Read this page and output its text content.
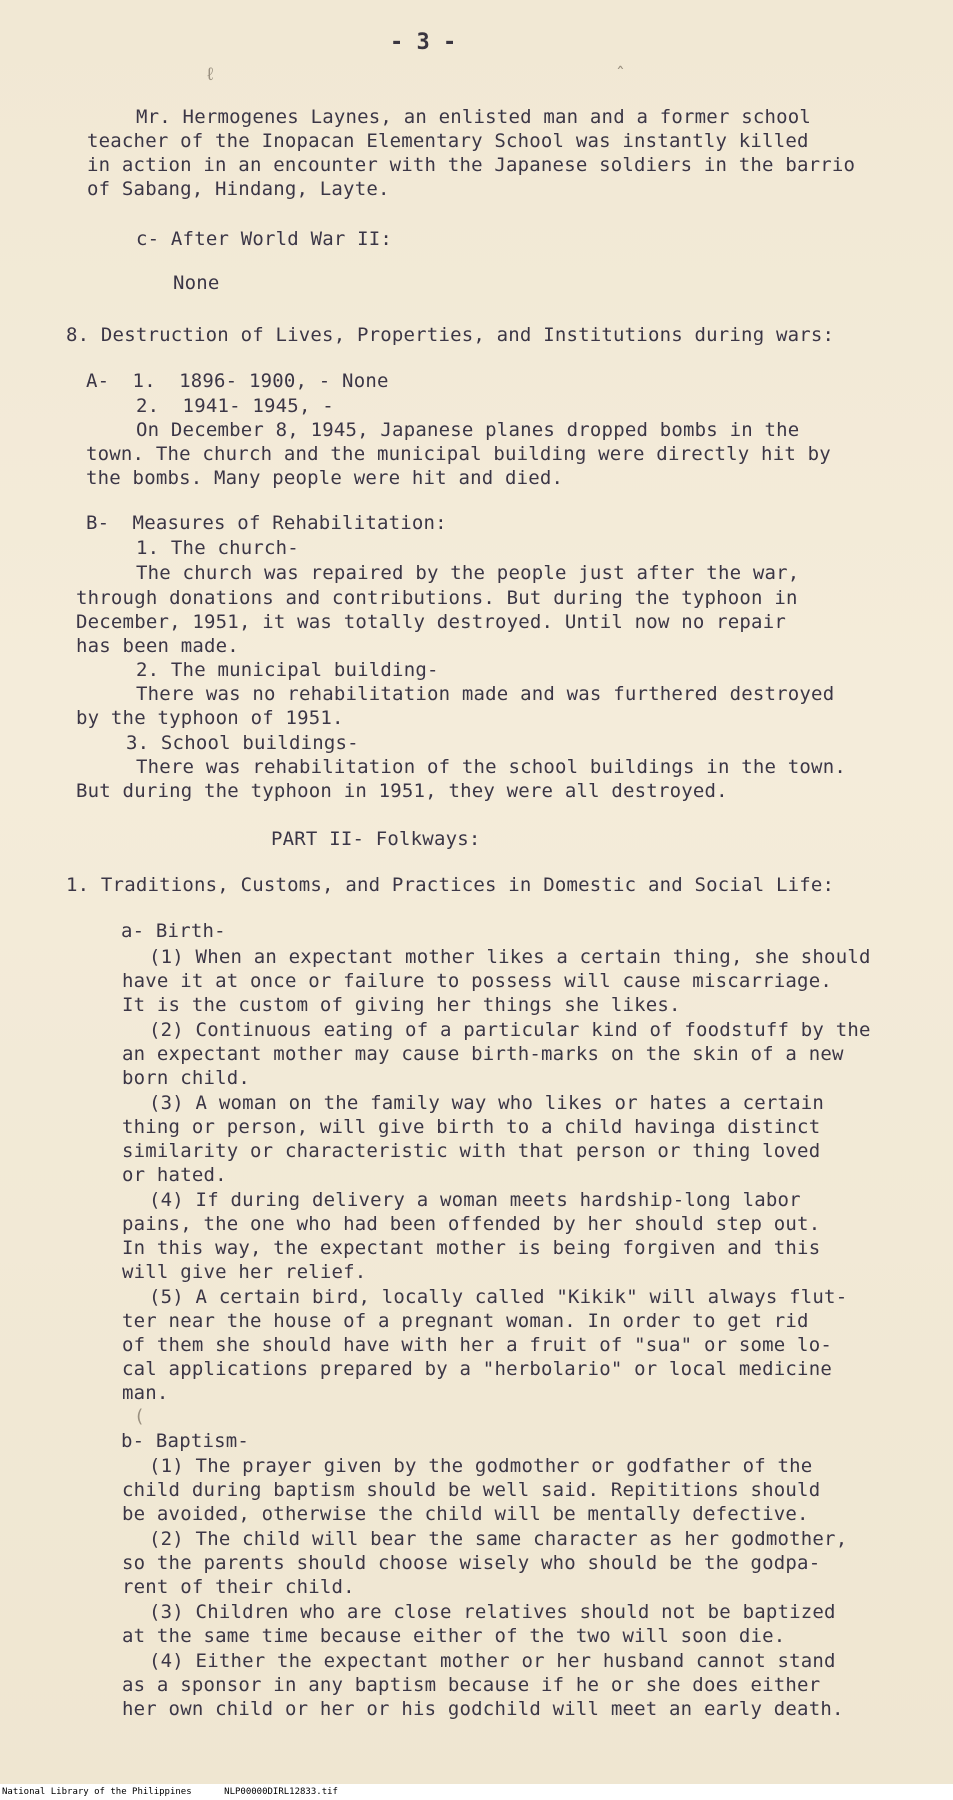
- 3 -
ℓ	ˆ
Mr. Hermogenes Laynes, an enlisted man and a former school
teacher of the Inopacan Elementary School was instantly killed
in action in an encounter with the Japanese soldiers in the barrio
of Sabang, Hindang, Layte.
c- After World War II:
None
8. Destruction of Lives, Properties, and Institutions during wars:
A-  1.  1896- 1900, - None
2.  1941- 1945, -
On December 8, 1945, Japanese planes dropped bombs in the
town. The church and the municipal building were directly hit by
the bombs. Many people were hit and died.
B-  Measures of Rehabilitation:
1. The church-
The church was repaired by the people just after the war,
through donations and contributions. But during the typhoon in
December, 1951, it was totally destroyed. Until now no repair
has been made.
2. The municipal building-
There was no rehabilitation made and was furthered destroyed
by the typhoon of 1951.
3. School buildings-
There was rehabilitation of the school buildings in the town.
But during the typhoon in 1951, they were all destroyed.
PART II- Folkways:
1. Traditions, Customs, and Practices in Domestic and Social Life:
a- Birth-
(1) When an expectant mother likes a certain thing, she should
have it at once or failure to possess will cause miscarriage.
It is the custom of giving her things she likes.
(2) Continuous eating of a particular kind of foodstuff by the
an expectant mother may cause birth-marks on the skin of a new
born child.
(3) A woman on the family way who likes or hates a certain
thing or person, will give birth to a child havinga distinct
similarity or characteristic with that person or thing loved
or hated.
(4) If during delivery a woman meets hardship-long labor
pains, the one who had been offended by her should step out.
In this way, the expectant mother is being forgiven and this
will give her relief.
(5) A certain bird, locally called "Kikik" will always flut-
ter near the house of a pregnant woman. In order to get rid
of them she should have with her a fruit of "sua" or some lo-
cal applications prepared by a "herbolario" or local medicine
man.
(
b- Baptism-
(1) The prayer given by the godmother or godfather of the
child during baptism should be well said. Repititions should
be avoided, otherwise the child will be mentally defective.
(2) The child will bear the same character as her godmother,
so the parents should choose wisely who should be the godpa-
rent of their child.
(3) Children who are close relatives should not be baptized
at the same time because either of the two will soon die.
(4) Either the expectant mother or her husband cannot stand
as a sponsor in any baptism because if he or she does either
her own child or her or his godchild will meet an early death.
National Library of the Philippines      NLP00000DIRL12833.tif
